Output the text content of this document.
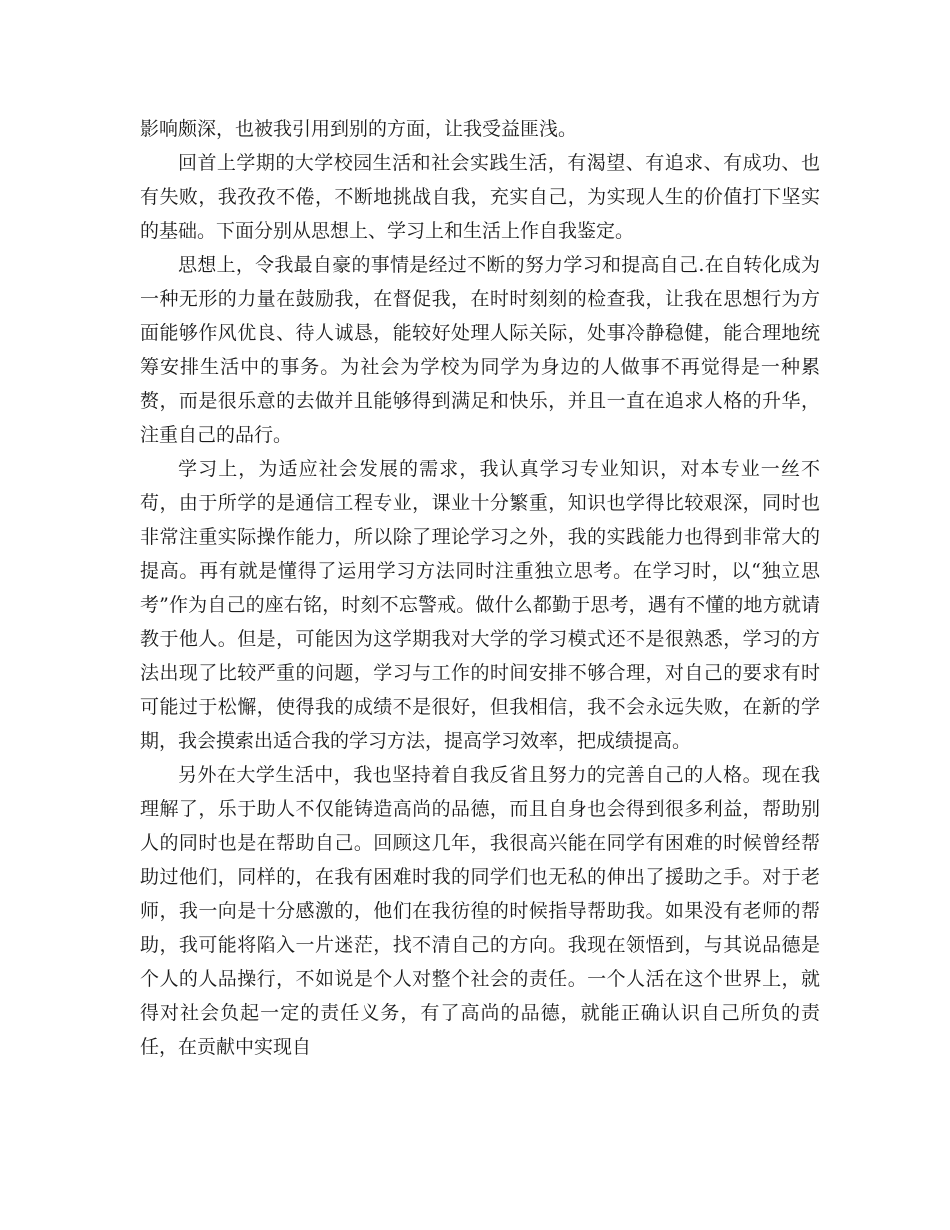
影响颇深，也被我引用到别的方面，让我受益匪浅。

回首上学期的大学校园生活和社会实践生活，有渴望、有追求、有成功、也有失败，我孜孜不倦，不断地挑战自我，充实自己，为实现人生的价值打下坚实的基础。下面分别从思想上、学习上和生活上作自我鉴定。

思想上，令我最自豪的事情是经过不断的努力学习和提高自己.在自转化成为一种无形的力量在鼓励我，在督促我，在时时刻刻的检查我，让我在思想行为方面能够作风优良、待人诚恳，能较好处理人际关际，处事冷静稳健，能合理地统筹安排生活中的事务。为社会为学校为同学为身边的人做事不再觉得是一种累赘，而是很乐意的去做并且能够得到满足和快乐，并且一直在追求人格的升华，注重自己的品行。

学习上，为适应社会发展的需求，我认真学习专业知识，对本专业一丝不苟，由于所学的是通信工程专业，课业十分繁重，知识也学得比较艰深，同时也非常注重实际操作能力，所以除了理论学习之外，我的实践能力也得到非常大的提高。再有就是懂得了运用学习方法同时注重独立思考。在学习时，以“独立思考”作为自己的座右铭，时刻不忘警戒。做什么都勤于思考，遇有不懂的地方就请教于他人。但是，可能因为这学期我对大学的学习模式还不是很熟悉，学习的方法出现了比较严重的问题，学习与工作的时间安排不够合理，对自己的要求有时可能过于松懈，使得我的成绩不是很好，但我相信，我不会永远失败，在新的学期，我会摸索出适合我的学习方法，提高学习效率，把成绩提高。

另外在大学生活中，我也坚持着自我反省且努力的完善自己的人格。现在我理解了，乐于助人不仅能铸造高尚的品德，而且自身也会得到很多利益，帮助别人的同时也是在帮助自己。回顾这几年，我很高兴能在同学有困难的时候曾经帮助过他们，同样的，在我有困难时我的同学们也无私的伸出了援助之手。对于老师，我一向是十分感激的，他们在我彷徨的时候指导帮助我。如果没有老师的帮助，我可能将陷入一片迷茫，找不清自己的方向。我现在领悟到，与其说品德是个人的人品操行，不如说是个人对整个社会的责任。一个人活在这个世界上，就得对社会负起一定的责任义务，有了高尚的品德，就能正确认识自己所负的责任，在贡献中实现自
